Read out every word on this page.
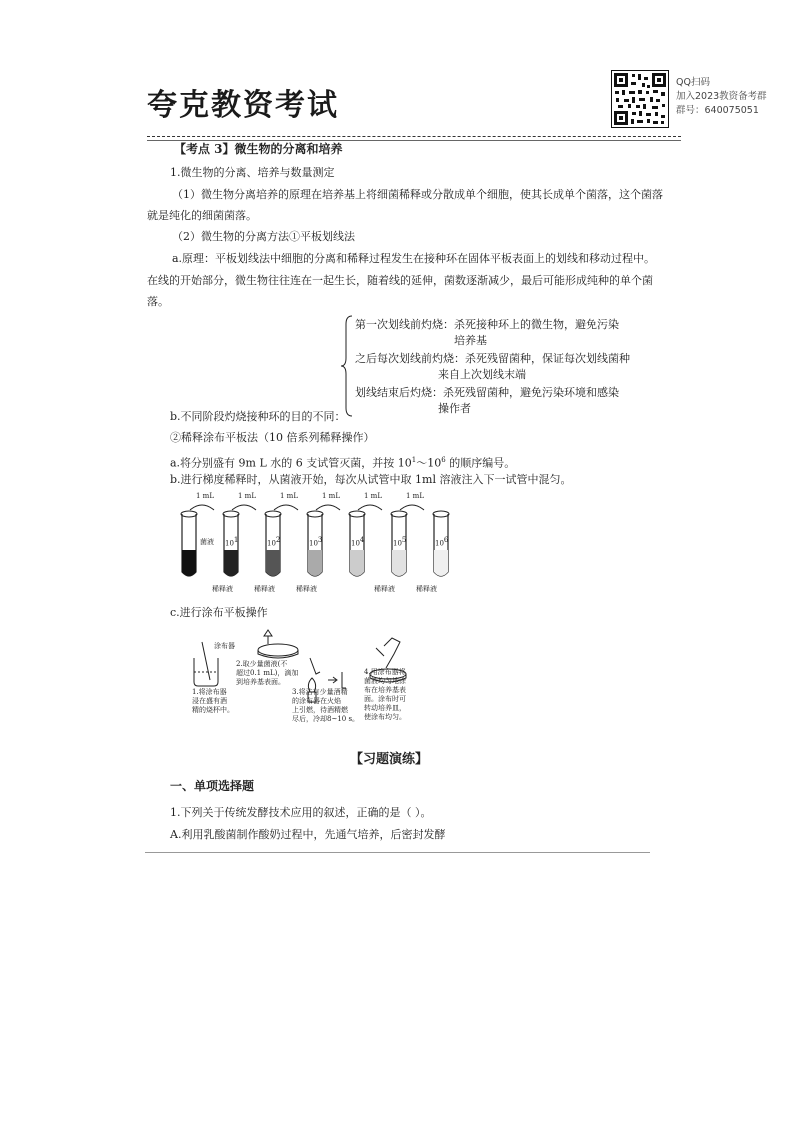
夸克教资考试
QQ扫码
加入2023教资备考群
群号：640075051
【考点 3】微生物的分离和培养
1.微生物的分离、培养与数量测定
（1）微生物分离培养的原理在培养基上将细菌稀释或分散成单个细胞，使其长成单个菌落，这个菌落
就是纯化的细菌菌落。
（2）微生物的分离方法①平板划线法
a.原理：平板划线法中细胞的分离和稀释过程发生在接种环在固体平板表面上的划线和移动过程中。
在线的开始部分，微生物往往连在一起生长，随着线的延伸，菌数逐渐减少，最后可能形成纯种的单个菌
落。
第一次划线前灼烧：杀死接种环上的微生物，避免污染
培养基
之后每次划线前灼烧：杀死残留菌种，保证每次划线菌种
来自上次划线末端
划线结束后灼烧：杀死残留菌种，避免污染环境和感染
操作者
b.不同阶段灼烧接种环的目的不同：
②稀释涂布平板法（10 倍系列稀释操作）
a.将分别盛有 9m L 水的 6 支试管灭菌，并按 $10^1\sim 10^6$ 的顺序编号。
b.进行梯度稀释时，从菌液开始，每次从试管中取 1ml 溶液注入下一试管中混匀。
1 mL	1 mL	1 mL	1 mL	1 mL	1 mL
菌液 101	102	103	104	105	106
稀释液	稀释液	稀释液	稀释液	稀释液
c.进行涂布平板操作
1.将涂布器
浸在盛有酒
精的烧杯中。
涂布器
2.取少量菌液(不
超过0.1 mL)，滴加
到培养基表面。
3.将沾有少量酒精
的涂布器在火焰
上引燃，待酒精燃
尽后，冷却8~10 s。
4.用涂布器将
菌液均匀地涂
布在培养基表
面。涂布时可
转动培养皿，
使涂布均匀。
【习题演练】
一、单项选择题
1.下列关于传统发酵技术应用的叙述，正确的是（ ）。
A.利用乳酸菌制作酸奶过程中，先通气培养，后密封发酵
